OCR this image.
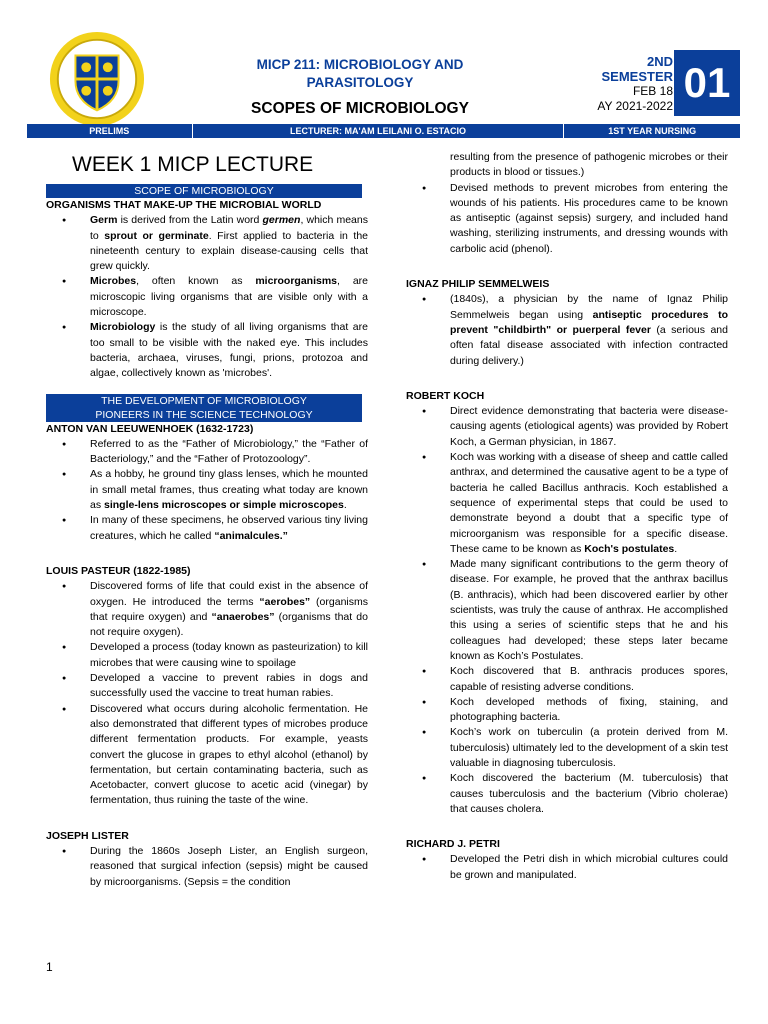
MICP 211: MICROBIOLOGY AND
PARASITOLOGY
SCOPES OF MICROBIOLOGY
2ND
SEMESTER
FEB 18
AY 2021-2022 01
PRELIMS	LECTURER: MA'AM LEILANI O. ESTACIO	1ST YEAR NURSING
WEEK 1 MICP LECTURE
SCOPE OF MICROBIOLOGY
ORGANISMS THAT MAKE-UP THE MICROBIAL WORLD
● Germ is derived from the Latin word germen, which means to sprout or germinate. First applied to bacteria in the nineteenth century to explain disease-causing cells that grew quickly.
● Microbes, often known as microorganisms, are microscopic living organisms that are visible only with a microscope.
● Microbiology is the study of all living organisms that are too small to be visible with the naked eye. This includes bacteria, archaea, viruses, fungi, prions, protozoa and algae, collectively known as 'microbes'.
THE DEVELOPMENT OF MICROBIOLOGY
PIONEERS IN THE SCIENCE TECHNOLOGY
ANTON VAN LEEUWENHOEK (1632-1723)
● Referred to as the “Father of Microbiology,” the “Father of Bacteriology,” and the “Father of Protozoology”.
● As a hobby, he ground tiny glass lenses, which he mounted in small metal frames, thus creating what today are known as single-lens microscopes or simple microscopes.
● In many of these specimens, he observed various tiny living creatures, which he called “animalcules.”
LOUIS PASTEUR (1822-1985)
● Discovered forms of life that could exist in the absence of oxygen. He introduced the terms “aerobes” (organisms that require oxygen) and “anaerobes” (organisms that do not require oxygen).
● Developed a process (today known as pasteurization) to kill microbes that were causing wine to spoilage
● Developed a vaccine to prevent rabies in dogs and successfully used the vaccine to treat human rabies.
● Discovered what occurs during alcoholic fermentation. He also demonstrated that different types of microbes produce different fermentation products. For example, yeasts convert the glucose in grapes to ethyl alcohol (ethanol) by fermentation, but certain contaminating bacteria, such as Acetobacter, convert glucose to acetic acid (vinegar) by fermentation, thus ruining the taste of the wine.
JOSEPH LISTER
● During the 1860s Joseph Lister, an English surgeon, reasoned that surgical infection (sepsis) might be caused by microorganisms. (Sepsis = the condition
resulting from the presence of pathogenic microbes or their products in blood or tissues.)
● Devised methods to prevent microbes from entering the wounds of his patients. His procedures came to be known as antiseptic (against sepsis) surgery, and included hand washing, sterilizing instruments, and dressing wounds with carbolic acid (phenol).
IGNAZ PHILIP SEMMELWEIS
● (1840s), a physician by the name of Ignaz Philip Semmelweis began using antiseptic procedures to prevent "childbirth" or puerperal fever (a serious and often fatal disease associated with infection contracted during delivery.)
ROBERT KOCH
● Direct evidence demonstrating that bacteria were disease-causing agents (etiological agents) was provided by Robert Koch, a German physician, in 1867.
● Koch was working with a disease of sheep and cattle called anthrax, and determined the causative agent to be a type of bacteria he called Bacillus anthracis. Koch established a sequence of experimental steps that could be used to demonstrate beyond a doubt that a specific type of microorganism was responsible for a specific disease. These came to be known as Koch's postulates.
● Made many significant contributions to the germ theory of disease. For example, he proved that the anthrax bacillus (B. anthracis), which had been discovered earlier by other scientists, was truly the cause of anthrax. He accomplished this using a series of scientific steps that he and his colleagues had developed; these steps later became known as Koch’s Postulates.
● Koch discovered that B. anthracis produces spores, capable of resisting adverse conditions.
● Koch developed methods of fixing, staining, and photographing bacteria.
● Koch’s work on tuberculin (a protein derived from M. tuberculosis) ultimately led to the development of a skin test valuable in diagnosing tuberculosis.
● Koch discovered the bacterium (M. tuberculosis) that causes tuberculosis and the bacterium (Vibrio cholerae) that causes cholera.
RICHARD J. PETRI
● Developed the Petri dish in which microbial cultures could be grown and manipulated.
1
